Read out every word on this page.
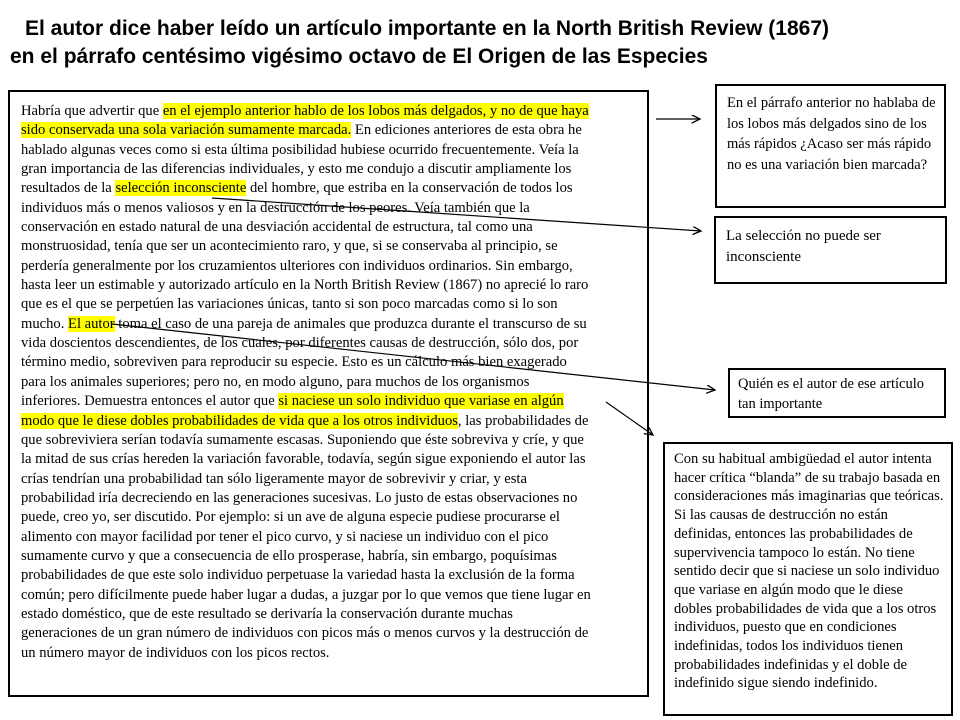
El autor dice haber leído un artículo importante en la North British Review (1867)
en el párrafo centésimo vigésimo octavo de El Origen de las Especies
Habría que advertir que en el ejemplo anterior hablo de los lobos más delgados, y no de que haya
sido conservada una sola variación sumamente marcada. En ediciones anteriores de esta obra he
hablado algunas veces como si esta última posibilidad hubiese ocurrido frecuentemente. Veía la
gran importancia de las diferencias individuales, y esto me condujo a discutir ampliamente los
resultados de la selección inconsciente del hombre, que estriba en la conservación de todos los
individuos más o menos valiosos y en la destrucción de los peores. Veía también que la
conservación en estado natural de una desviación accidental de estructura, tal como una
monstruosidad, tenía que ser un acontecimiento raro, y que, si se conservaba al principio, se
perdería generalmente por los cruzamientos ulteriores con individuos ordinarios. Sin embargo,
hasta leer un estimable y autorizado artículo en la North British Review (1867) no aprecié lo raro
que es el que se perpetúen las variaciones únicas, tanto si son poco marcadas como si lo son
mucho. El autor toma el caso de una pareja de animales que produzca durante el transcurso de su
vida doscientos descendientes, de los cuales, por diferentes causas de destrucción, sólo dos, por
término medio, sobreviven para reproducir su especie. Esto es un cálculo más bien exagerado
para los animales superiores; pero no, en modo alguno, para muchos de los organismos
inferiores. Demuestra entonces el autor que si naciese un solo individuo que variase en algún
modo que le diese dobles probabilidades de vida que a los otros individuos, las probabilidades de
que sobreviviera serían todavía sumamente escasas. Suponiendo que éste sobreviva y críe, y que
la mitad de sus crías hereden la variación favorable, todavía, según sigue exponiendo el autor las
crías tendrían una probabilidad tan sólo ligeramente mayor de sobrevivir y criar, y esta
probabilidad iría decreciendo en las generaciones sucesivas. Lo justo de estas observaciones no
puede, creo yo, ser discutido. Por ejemplo: si un ave de alguna especie pudiese procurarse el
alimento con mayor facilidad por tener el pico curvo, y si naciese un individuo con el pico
sumamente curvo y que a consecuencia de ello prosperase, habría, sin embargo, poquísimas
probabilidades de que este solo individuo perpetuase la variedad hasta la exclusión de la forma
común; pero difícilmente puede haber lugar a dudas, a juzgar por lo que vemos que tiene lugar en
estado doméstico, que de este resultado se derivaría la conservación durante muchas
generaciones de un gran número de individuos con picos más o menos curvos y la destrucción de
un número mayor de individuos con los picos rectos.
En el párrafo anterior no hablaba de los lobos más delgados sino de los más rápidos ¿Acaso ser más rápido no es una variación bien marcada?
La selección no puede ser inconsciente
Quién es el autor de ese artículo tan importante
Con su habitual ambigüedad el autor intenta hacer crítica “blanda” de su trabajo basada en consideraciones más imaginarias que teóricas. Si las causas de destrucción no están definidas, entonces las probabilidades de supervivencia tampoco lo están. No tiene sentido decir que si naciese un solo individuo que variase en algún modo que le diese dobles probabilidades de vida que a los otros individuos, puesto que en condiciones indefinidas, todos los individuos tienen probabilidades indefinidas y el doble de indefinido sigue siendo indefinido.
